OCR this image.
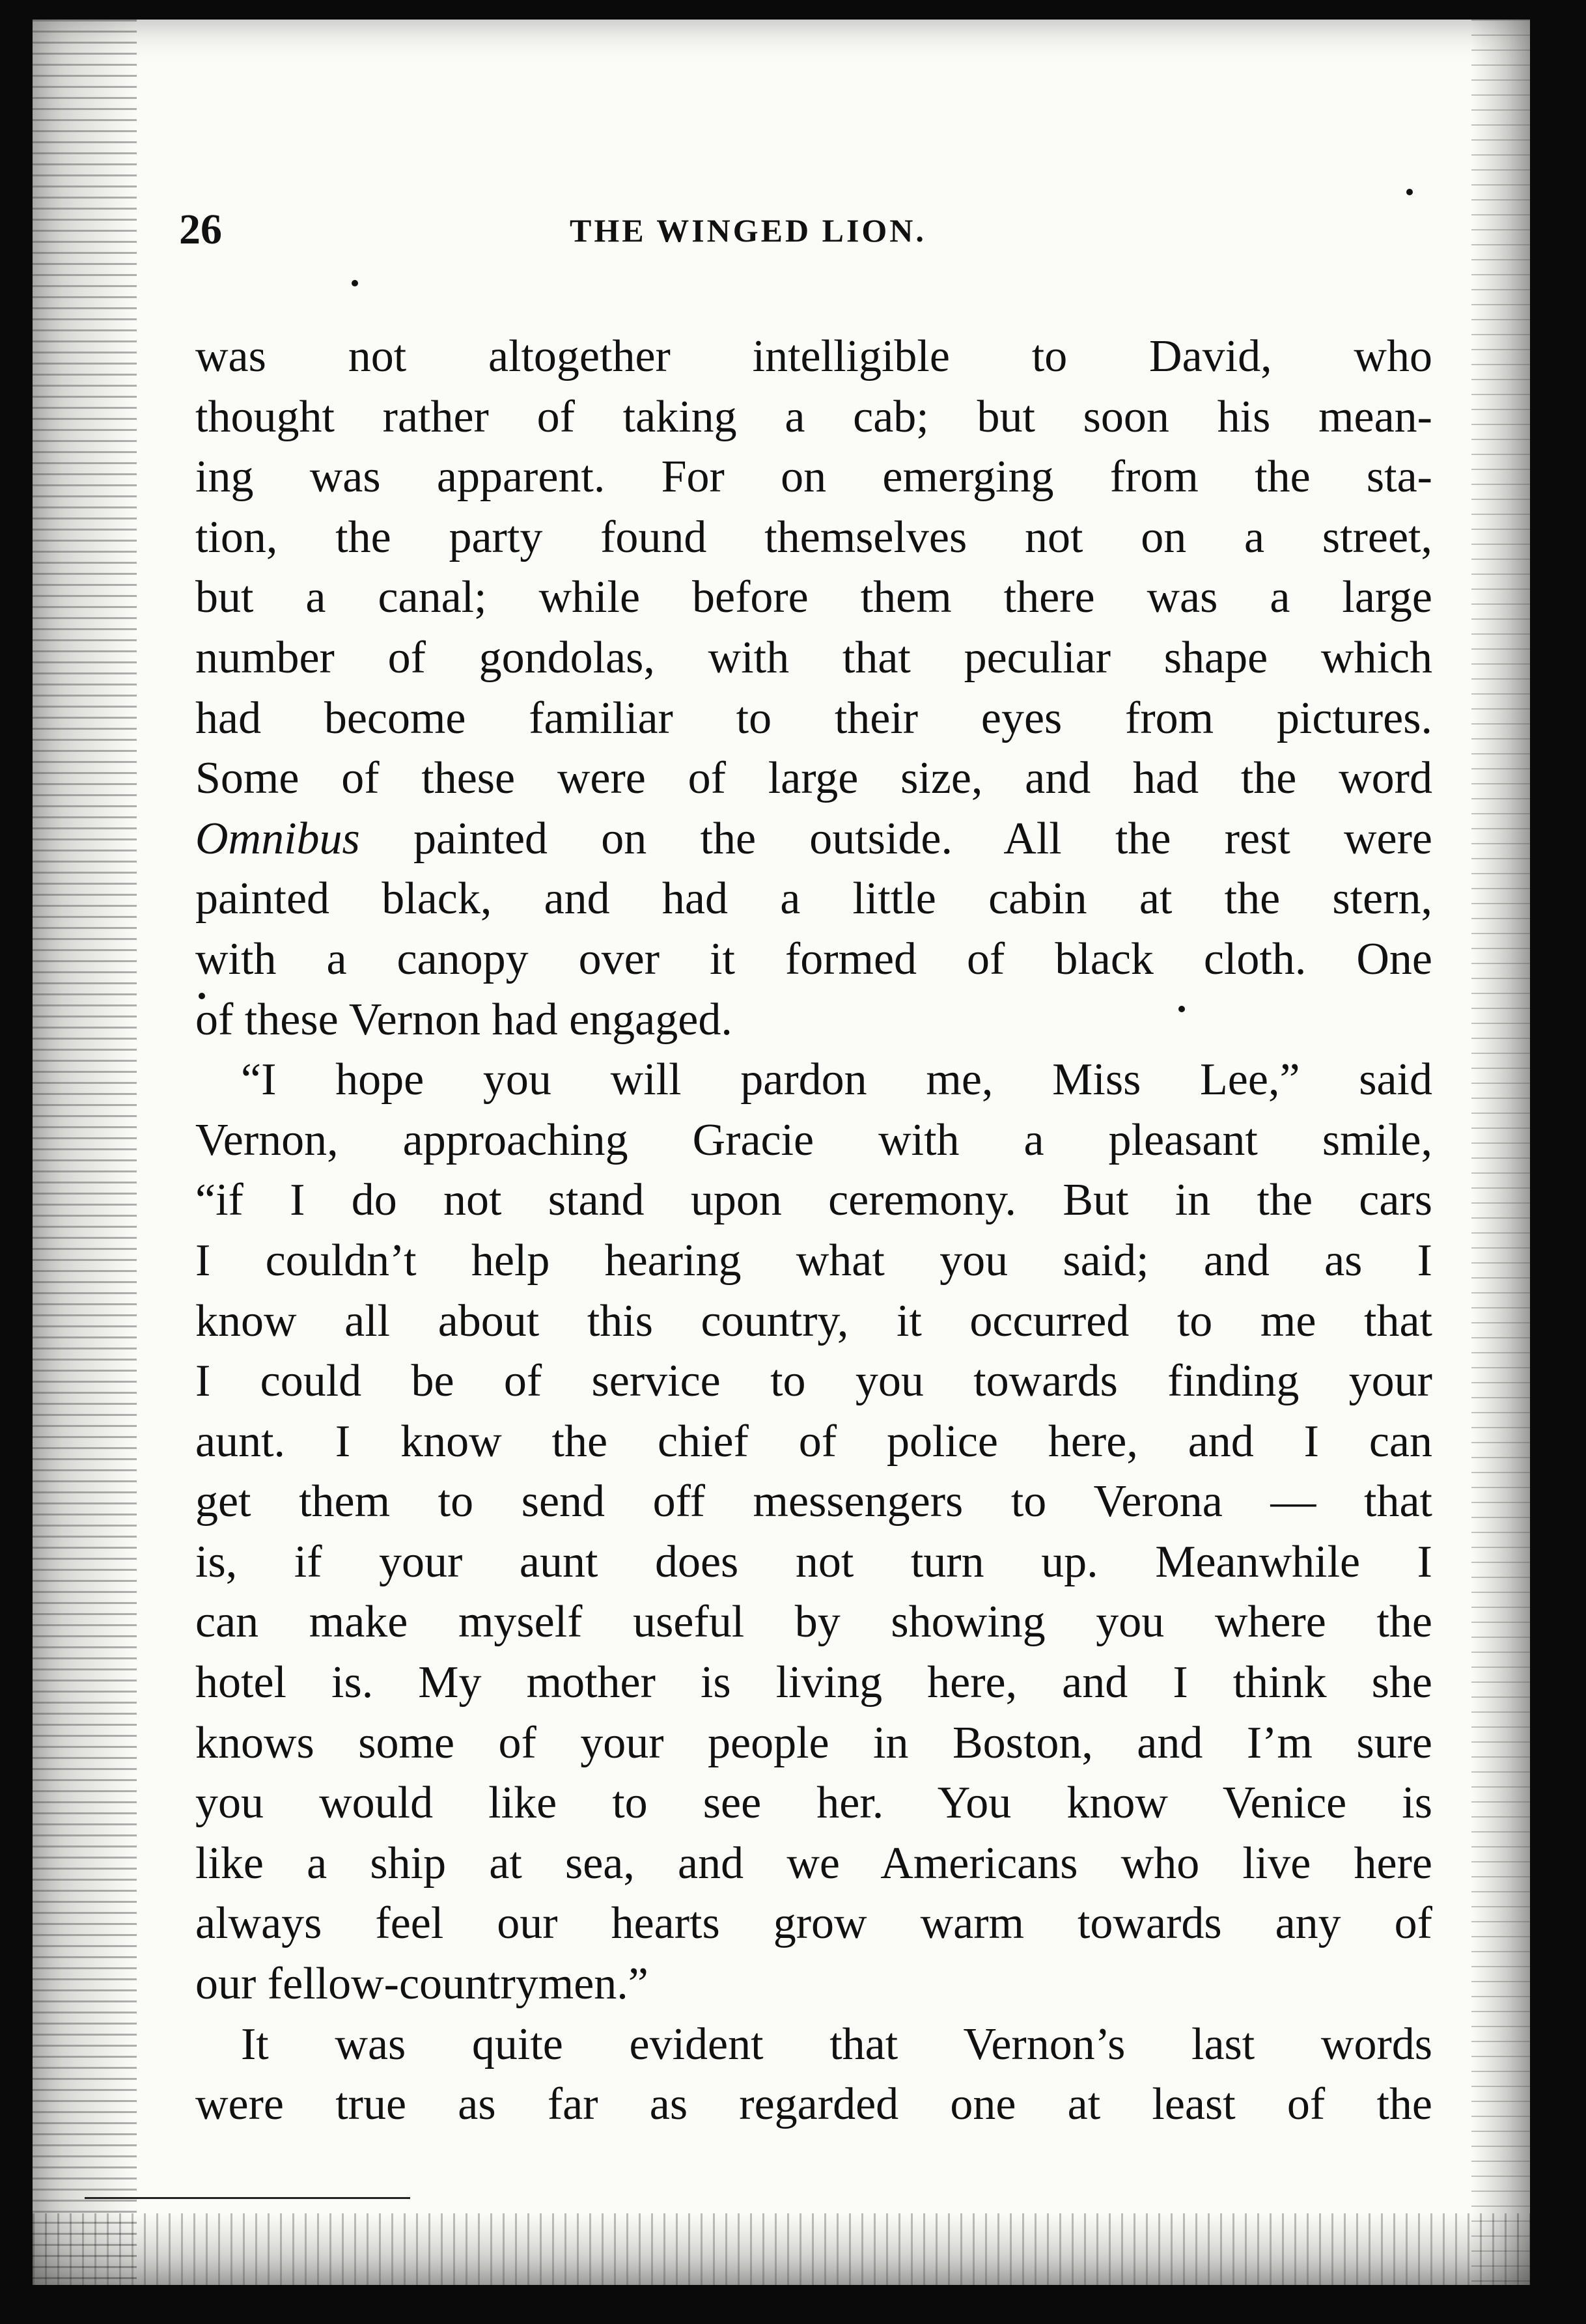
26	THE WINGED LION.
was not altogether intelligible to David, who
thought rather of taking a cab; but soon his mean-
ing was apparent. For on emerging from the sta-
tion, the party found themselves not on a street,
but a canal; while before them there was a large
number of gondolas, with that peculiar shape which
had become familiar to their eyes from pictures.
Some of these were of large size, and had the word
Omnibus painted on the outside. All the rest were
painted black, and had a little cabin at the stern,
with a canopy over it formed of black cloth. One
of these Vernon had engaged.
“I hope you will pardon me, Miss Lee,” said
Vernon, approaching Gracie with a pleasant smile,
“if I do not stand upon ceremony. But in the cars
I couldn’t help hearing what you said; and as I
know all about this country, it occurred to me that
I could be of service to you towards finding your
aunt. I know the chief of police here, and I can
get them to send off messengers to Verona — that
is, if your aunt does not turn up. Meanwhile I
can make myself useful by showing you where the
hotel is. My mother is living here, and I think she
knows some of your people in Boston, and I’m sure
you would like to see her. You know Venice is
like a ship at sea, and we Americans who live here
always feel our hearts grow warm towards any of
our fellow-countrymen.”
It was quite evident that Vernon’s last words
were true as far as regarded one at least of the
